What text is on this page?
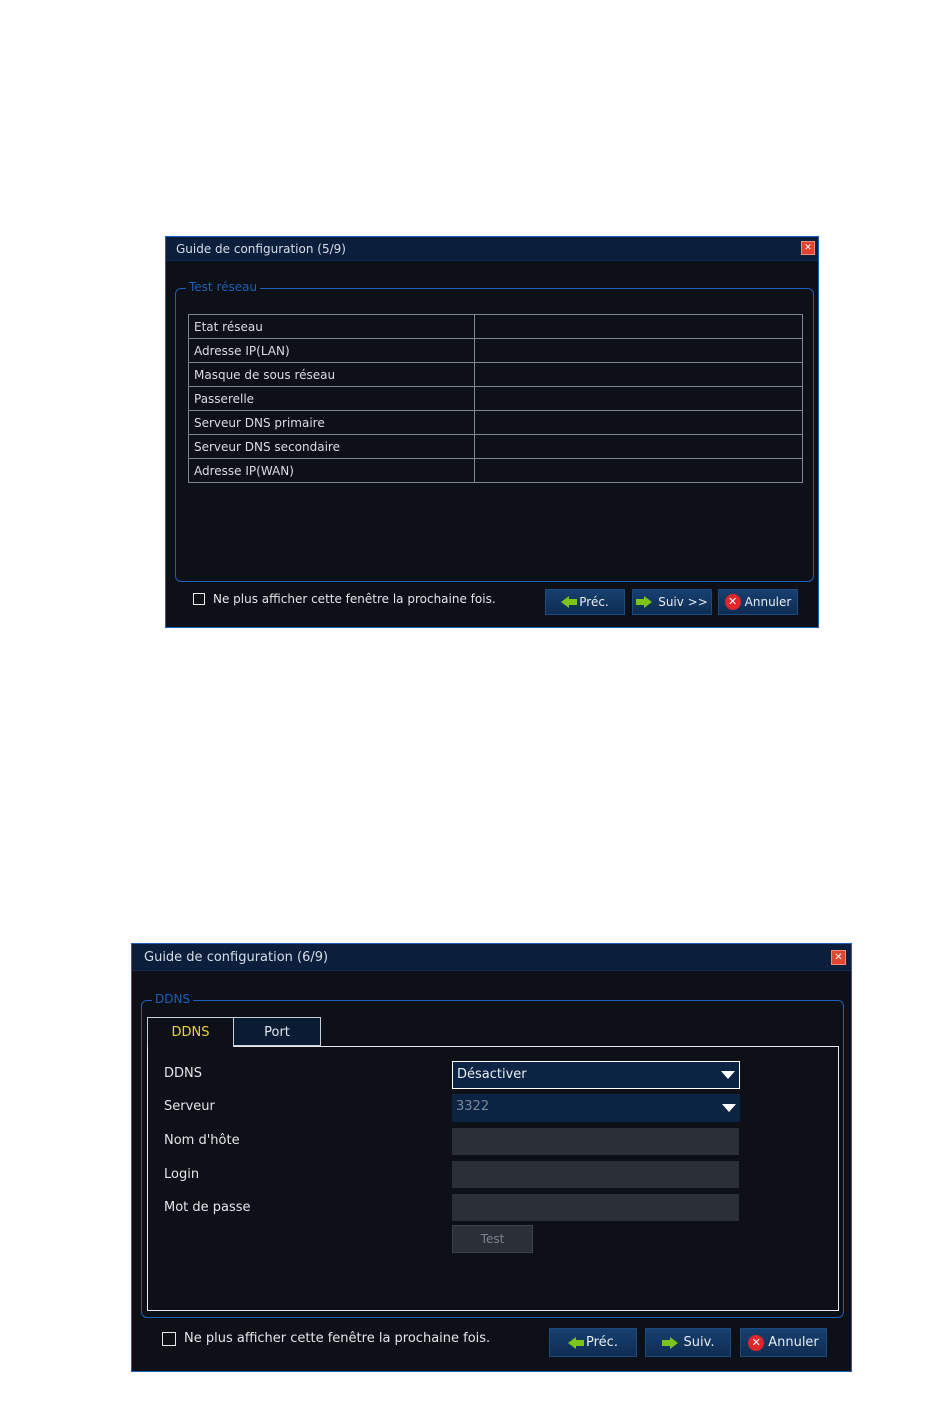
Guide de configuration (5/9)	✕
Test réseau
Etat réseau	
Adresse IP(LAN)	
Masque de sous réseau	
Passerelle	
Serveur DNS primaire	
Serveur DNS secondaire	
Adresse IP(WAN)	
Ne plus afficher cette fenêtre la prochaine fois.	Préc.	Suiv >>	✕ Annuler
Guide de configuration (6/9)	✕
DDNS
DDNS	Port
DDNS	Désactiver
Serveur	3322
Nom d'hôte
Login
Mot de passe
Test
Ne plus afficher cette fenêtre la prochaine fois.	Préc.	Suiv.	✕ Annuler
